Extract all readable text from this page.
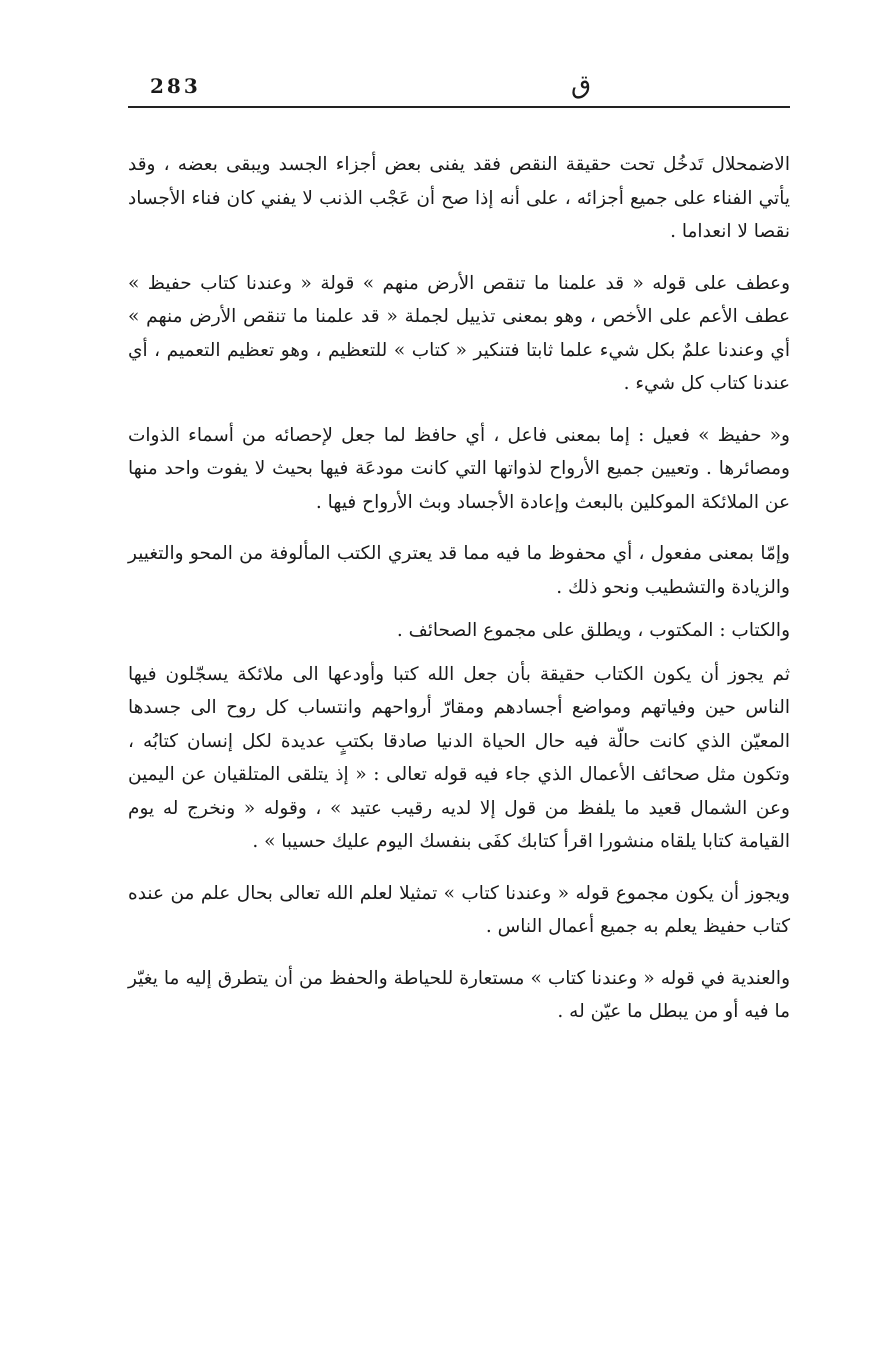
283	ق

الاضمحلال تَدخُل تحت حقيقة النقص فقد يفنى بعض أجزاء الجسد ويبقى بعضه ، وقد يأتي الفناء على جميع أجزائه ، على أنه إذا صح أن عَجْب الذنب لا يفني كان فناء الأجساد نقصا لا انعداما .

وعطف على قوله « قد علمنا ما تنقص الأرض منهم » قولة « وعندنا كتاب حفيظ » عطف الأعم على الأخص ، وهو بمعنى تذييل لجملة « قد علمنا ما تنقص الأرض منهم » أي وعندنا علمٌ بكل شيء علما ثابتا فتنكير « كتاب » للتعظيم ، وهو تعظيم التعميم ، أي عندنا كتاب كل شيء .

و« حفيظ » فعيل : إما بمعنى فاعل ، أي حافظ لما جعل لإحصائه من أسماء الذوات ومصائرها . وتعيين جميع الأرواح لذواتها التي كانت مودعَة فيها بحيث لا يفوت واحد منها عن الملائكة الموكلين بالبعث وإعادة الأجساد وبث الأرواح فيها .

وإمّا بمعنى مفعول ، أي محفوظ ما فيه مما قد يعتري الكتب المألوفة من المحو والتغيير والزيادة والتشطيب ونحو ذلك .

والكتاب : المكتوب ، ويطلق على مجموع الصحائف .

ثم يجوز أن يكون الكتاب حقيقة بأن جعل الله كتبا وأودعها الى ملائكة يسجّلون فيها الناس حين وفياتهم ومواضع أجسادهم ومقارّ أرواحهم وانتساب كل روح الى جسدها المعيّن الذي كانت حالّة فيه حال الحياة الدنيا صادقا بكتبٍ عديدة لكل إنسان كتابُه ، وتكون مثل صحائف الأعمال الذي جاء فيه قوله تعالى : « إذ يتلقى المتلقيان عن اليمين وعن الشمال قعيد ما يلفظ من قول إلا لديه رقيب عتيد » ، وقوله « ونخرج له يوم القيامة كتابا يلقاه منشورا اقرأ كتابك كفَى بنفسك اليوم عليك حسيبا » .

ويجوز أن يكون مجموع قوله « وعندنا كتاب » تمثيلا لعلم الله تعالى بحال علم من عنده كتاب حفيظ يعلم به جميع أعمال الناس .

والعندية في قوله « وعندنا كتاب » مستعارة للحياطة والحفظ من أن يتطرق إليه ما يغيّر ما فيه أو من يبطل ما عيّن له .
